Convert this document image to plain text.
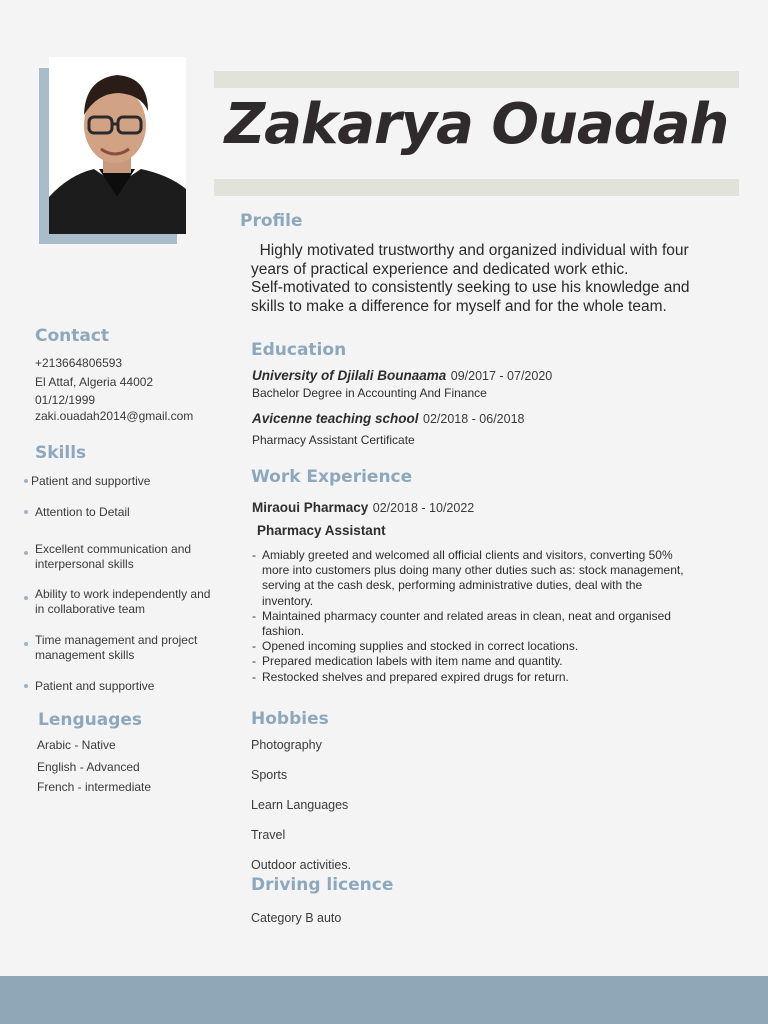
Zakarya Ouadah
Profile

Highly motivated trustworthy and organized individual with four

years of practical experience and dedicated work ethic.

Self-motivated to consistently seeking to use his knowledge and

skills to make a difference for myself and for the whole team.

Contact
+213664806593
El Attaf, Algeria 44002
01/12/1999
zaki.ouadah2014@gmail.com
Skills
Patient and supportive
Attention to Detail
Excellent communication and interpersonal skills
Ability to work independently and in collaborative team
Time management and project management skills
Patient and supportive
Lenguages
Arabic - Native
English - Advanced
French - intermediate
Education
University of Djilali Bounaama 09/2017 - 07/2020
Bachelor Degree in Accounting And Finance
Avicenne teaching school 02/2018 - 06/2018
Pharmacy Assistant Certificate
Work Experience
Miraoui Pharmacy 02/2018 - 10/2022
Pharmacy Assistant
- Amiably greeted and welcomed all official clients and visitors, converting 50% more into customers plus doing many other duties such as: stock management, serving at the cash desk, performing administrative duties, deal with the inventory.
- Maintained pharmacy counter and related areas in clean, neat and organised fashion.
- Opened incoming supplies and stocked in correct locations.
- Prepared medication labels with item name and quantity.
- Restocked shelves and prepared expired drugs for return.
Hobbies
Photography
Sports
Learn Languages
Travel
Outdoor activities.
Driving licence
Category B auto
